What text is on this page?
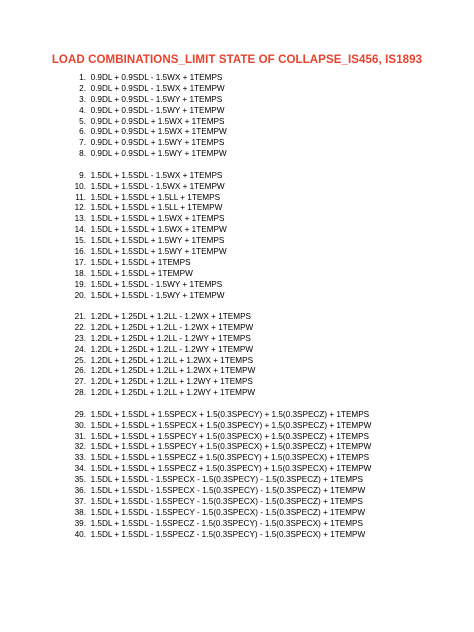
LOAD COMBINATIONS_LIMIT STATE OF COLLAPSE_IS456, IS1893
1. 0.9DL + 0.9SDL - 1.5WX + 1TEMPS
2. 0.9DL + 0.9SDL - 1.5WX + 1TEMPW
3. 0.9DL + 0.9SDL - 1.5WY + 1TEMPS
4. 0.9DL + 0.9SDL - 1.5WY + 1TEMPW
5. 0.9DL + 0.9SDL + 1.5WX + 1TEMPS
6. 0.9DL + 0.9SDL + 1.5WX + 1TEMPW
7. 0.9DL + 0.9SDL + 1.5WY + 1TEMPS
8. 0.9DL + 0.9SDL + 1.5WY + 1TEMPW
9. 1.5DL + 1.5SDL - 1.5WX + 1TEMPS
10. 1.5DL + 1.5SDL - 1.5WX + 1TEMPW
11. 1.5DL + 1.5SDL + 1.5LL + 1TEMPS
12. 1.5DL + 1.5SDL + 1.5LL + 1TEMPW
13. 1.5DL + 1.5SDL + 1.5WX + 1TEMPS
14. 1.5DL + 1.5SDL + 1.5WX + 1TEMPW
15. 1.5DL + 1.5SDL + 1.5WY + 1TEMPS
16. 1.5DL + 1.5SDL + 1.5WY + 1TEMPW
17. 1.5DL + 1.5SDL + 1TEMPS
18. 1.5DL + 1.5SDL + 1TEMPW
19. 1.5DL + 1.5SDL - 1.5WY + 1TEMPS
20. 1.5DL + 1.5SDL - 1.5WY + 1TEMPW
21. 1.2DL + 1.25DL + 1.2LL - 1.2WX + 1TEMPS
22. 1.2DL + 1.25DL + 1.2LL - 1.2WX + 1TEMPW
23. 1.2DL + 1.25DL + 1.2LL - 1.2WY + 1TEMPS
24. 1.2DL + 1.25DL + 1.2LL - 1.2WY + 1TEMPW
25. 1.2DL + 1.25DL + 1.2LL + 1.2WX + 1TEMPS
26. 1.2DL + 1.25DL + 1.2LL + 1.2WX + 1TEMPW
27. 1.2DL + 1.25DL + 1.2LL + 1.2WY + 1TEMPS
28. 1.2DL + 1.25DL + 1.2LL + 1.2WY + 1TEMPW
29. 1.5DL + 1.5SDL + 1.5SPECX + 1.5(0.3SPECY) + 1.5(0.3SPECZ) + 1TEMPS
30. 1.5DL + 1.5SDL + 1.5SPECX + 1.5(0.3SPECY) + 1.5(0.3SPECZ) + 1TEMPW
31. 1.5DL + 1.5SDL + 1.5SPECY + 1.5(0.3SPECX) + 1.5(0.3SPECZ) + 1TEMPS
32. 1.5DL + 1.5SDL + 1.5SPECY + 1.5(0.3SPECX) + 1.5(0.3SPECZ) + 1TEMPW
33. 1.5DL + 1.5SDL + 1.5SPECZ + 1.5(0.3SPECY) + 1.5(0.3SPECX) + 1TEMPS
34. 1.5DL + 1.5SDL + 1.5SPECZ + 1.5(0.3SPECY) + 1.5(0.3SPECX) + 1TEMPW
35. 1.5DL + 1.5SDL - 1.5SPECX - 1.5(0.3SPECY) - 1.5(0.3SPECZ) + 1TEMPS
36. 1.5DL + 1.5SDL - 1.5SPECX - 1.5(0.3SPECY) - 1.5(0.3SPECZ) + 1TEMPW
37. 1.5DL + 1.5SDL - 1.5SPECY - 1.5(0.3SPECX) - 1.5(0.3SPECZ) + 1TEMPS
38. 1.5DL + 1.5SDL - 1.5SPECY - 1.5(0.3SPECX) - 1.5(0.3SPECZ) + 1TEMPW
39. 1.5DL + 1.5SDL - 1.5SPECZ - 1.5(0.3SPECY) - 1.5(0.3SPECX) + 1TEMPS
40. 1.5DL + 1.5SDL - 1.5SPECZ - 1.5(0.3SPECY) - 1.5(0.3SPECX) + 1TEMPW
